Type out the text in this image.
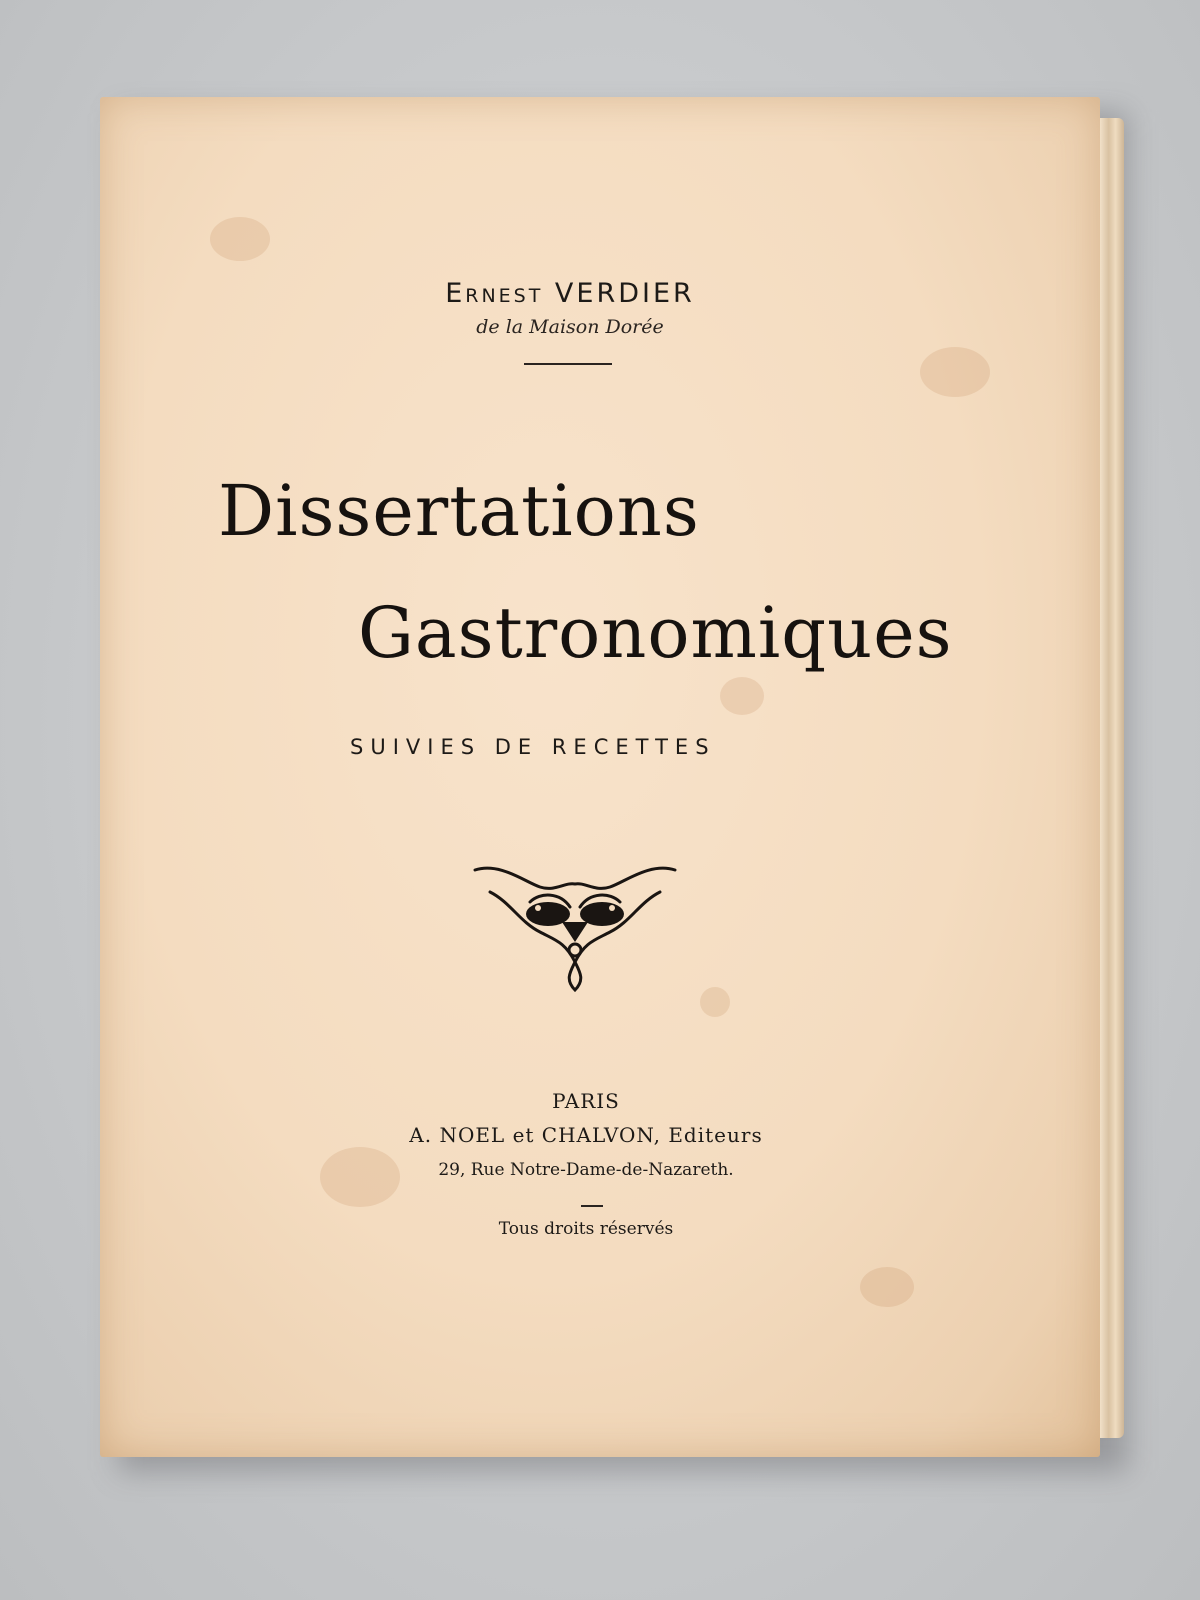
Ernest VERDIER
de la Maison Dorée
Dissertations
Gastronomiques
SUIVIES DE RECETTES
PARIS
A. NOEL et CHALVON, Editeurs
29, Rue Notre-Dame-de-Nazareth.
Tous droits réservés
